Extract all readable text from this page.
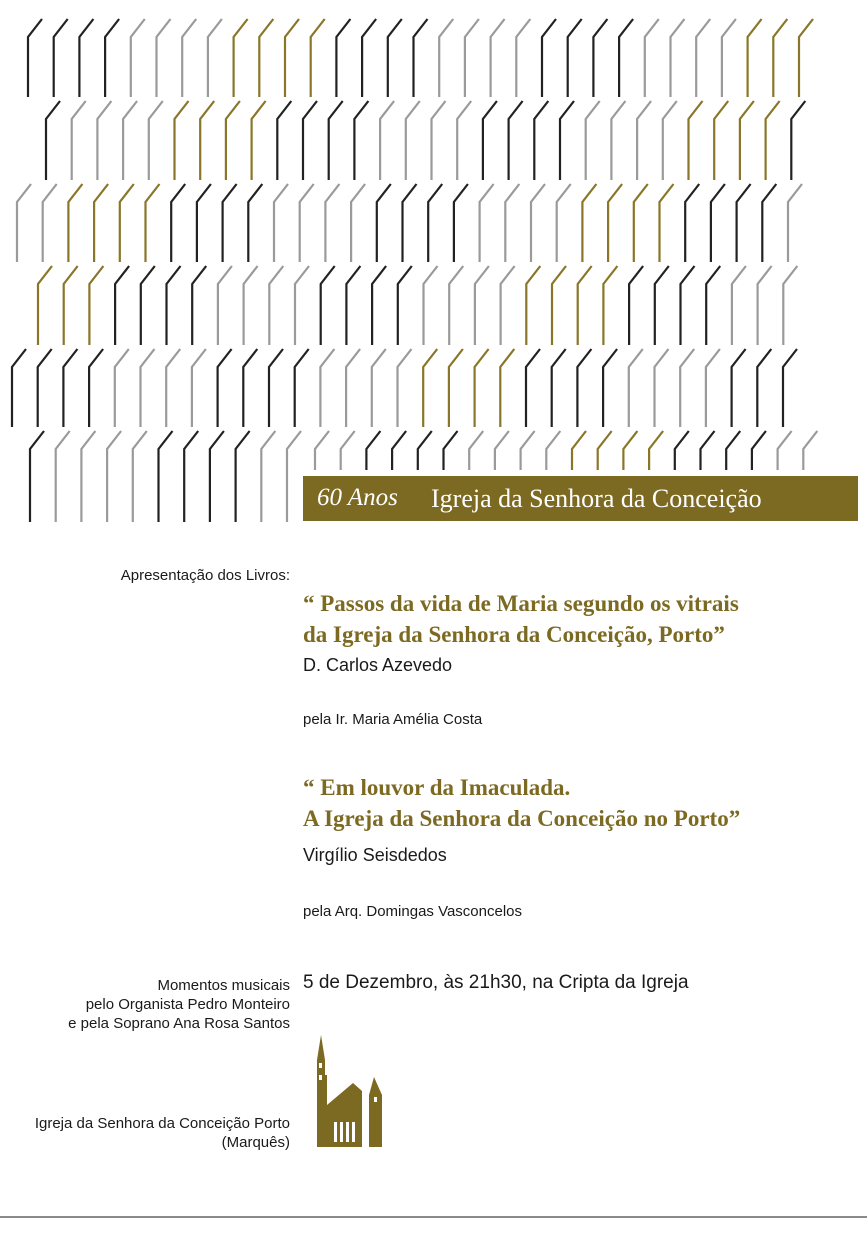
60 Anos Igreja da Senhora da Conceição
Apresentação dos Livros:
“ Passos da vida de Maria segundo os vitrais
da Igreja da Senhora da Conceição, Porto”
D. Carlos Azevedo
pela Ir. Maria Amélia Costa
“ Em louvor da Imaculada.
A Igreja da Senhora da Conceição no Porto”
Virgílio Seisdedos
pela Arq. Domingas Vasconcelos
Momentos musicais
pelo Organista Pedro Monteiro
e pela Soprano Ana Rosa Santos
5 de Dezembro, às 21h30, na Cripta da Igreja
Igreja da Senhora da Conceição Porto
(Marquês)
